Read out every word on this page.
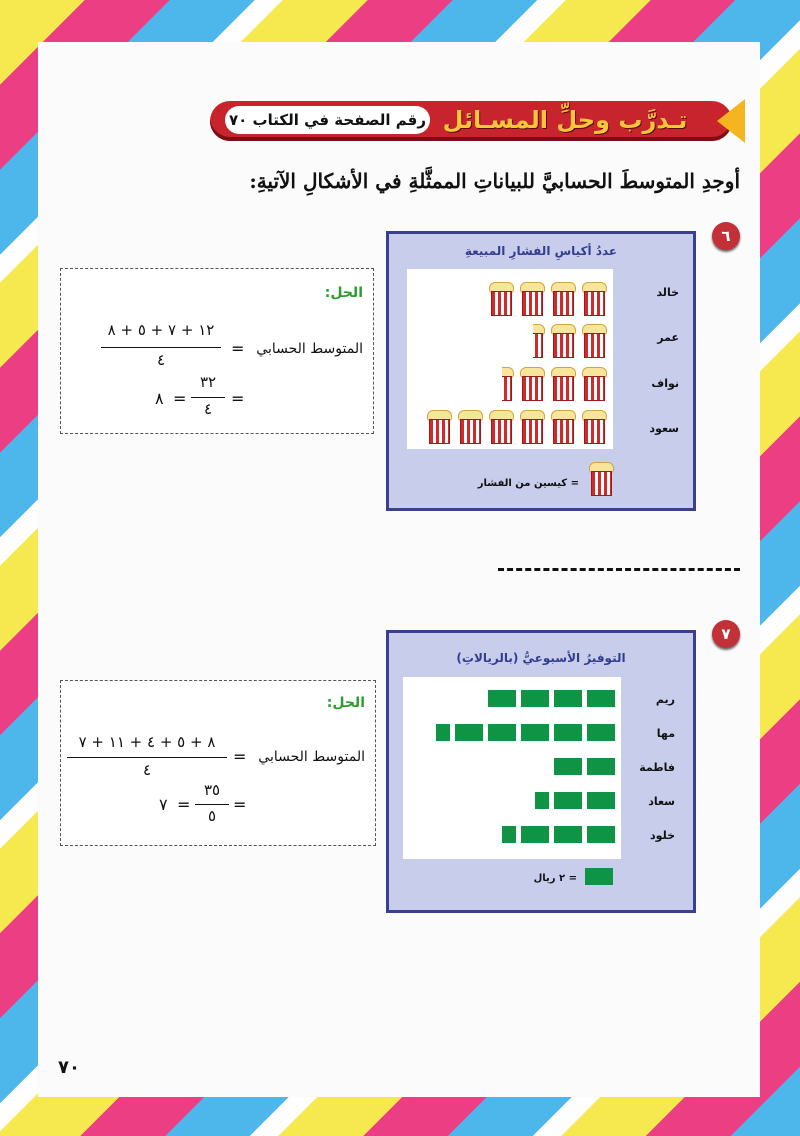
تـدرَّب وحلِّ المسـائل
رقم الصفحة في الكتاب ٧٠
أوجدِ المتوسطَ الحسابيَّ للبياناتِ الممثَّلةِ في الأشكالِ الآتيةِ:
٦
عددُ أكياسِ الفشارِ المبيعةِ
خالد
عمر
نواف
سعود
= كيسين من الفشار
الحل:
المتوسط الحسابي
=
١٢ + ٧ + ٥ + ٨
٤
=
٣٢
٤
=
٨
٧
التوفيرُ الأسبوعيُّ (بالريالاتِ)
ريم
مها
فاطمة
سعاد
خلود
= ٢ ريال
الحل:
المتوسط الحسابي
=
٨ + ٥ + ٤ + ١١ + ٧
٤
=
٣٥
٥
=
٧
٧٠
